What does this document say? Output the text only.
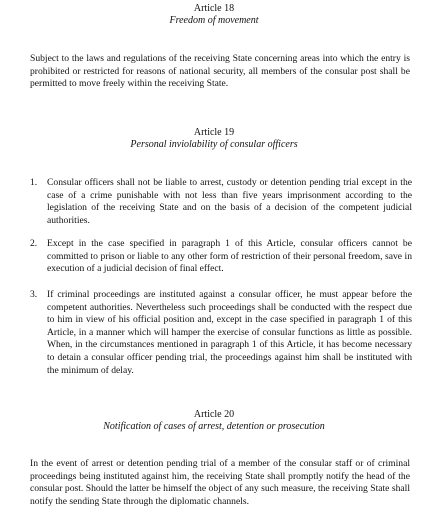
Article 18
Freedom of movement
Subject to the laws and regulations of the receiving State concerning areas into which the entry is prohibited or restricted for reasons of national security, all members of the consular post shall be permitted to move freely within the receiving State.
Article 19
Personal inviolability of consular officers
1.	Consular officers shall not be liable to arrest, custody or detention pending trial except in the case of a crime punishable with not less than five years imprisonment according to the legislation of the receiving State and on the basis of a decision of the competent judicial authorities.
2.	Except in the case specified in paragraph 1 of this Article, consular officers cannot be committed to prison or liable to any other form of restriction of their personal freedom, save in execution of a judicial decision of final effect.
3.	If criminal proceedings are instituted against a consular officer, he must appear before the competent authorities. Nevertheless such proceedings shall be conducted with the respect due to him in view of his official position and, except in the case specified in paragraph 1 of this Article, in a manner which will hamper the exercise of consular functions as little as possible. When, in the circumstances mentioned in paragraph 1 of this Article, it has become necessary to detain a consular officer pending trial, the proceedings against him shall be instituted with the minimum of delay.
Article 20
Notification of cases of arrest, detention or prosecution
In the event of arrest or detention pending trial of a member of the consular staff or of criminal proceedings being instituted against him, the receiving State shall promptly notify the head of the consular post. Should the latter be himself the object of any such measure, the receiving State shall notify the sending State through the diplomatic channels.
